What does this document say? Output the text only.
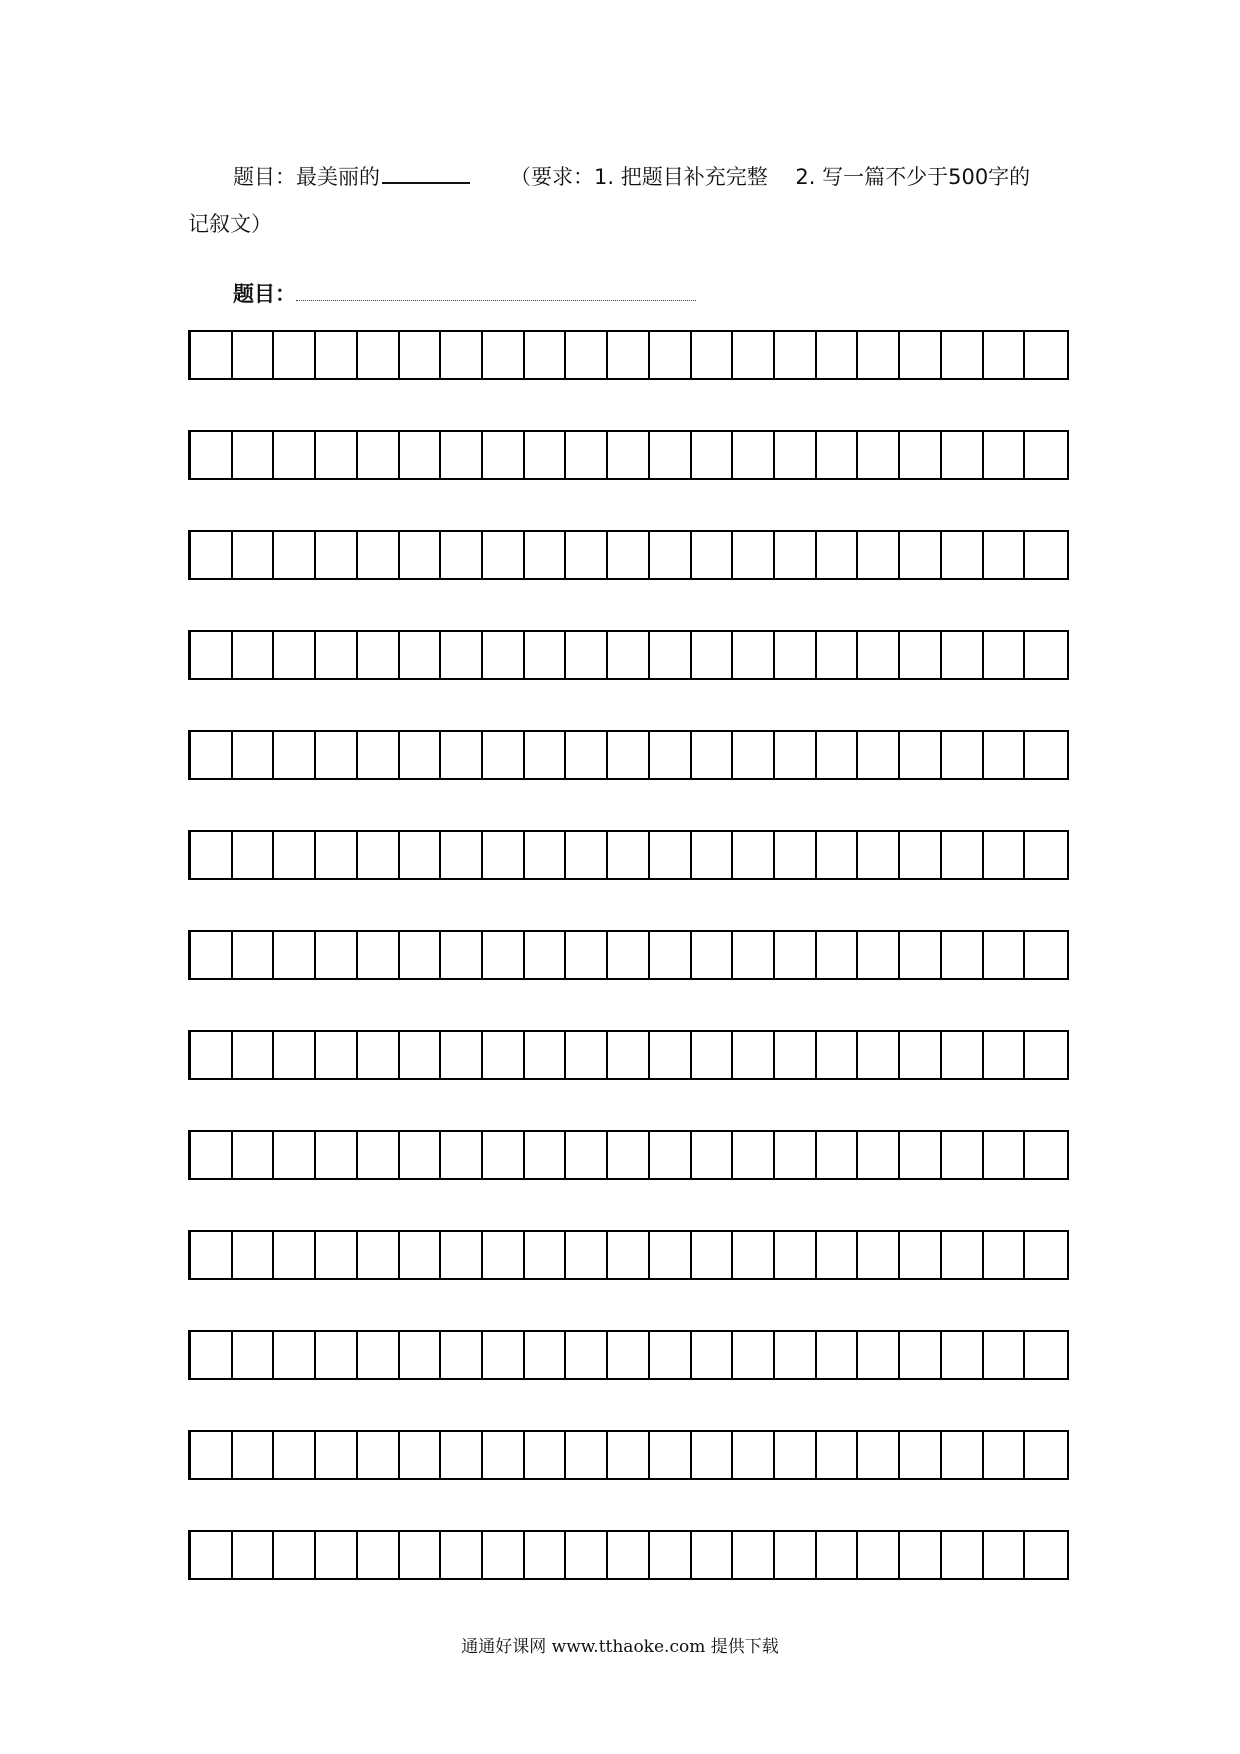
题目：最美丽的	（要求：1. 把题目补充完整　 2. 写一篇不少于500字的
记叙文）
题目：
通通好课网 www.tthaoke.com 提供下载
